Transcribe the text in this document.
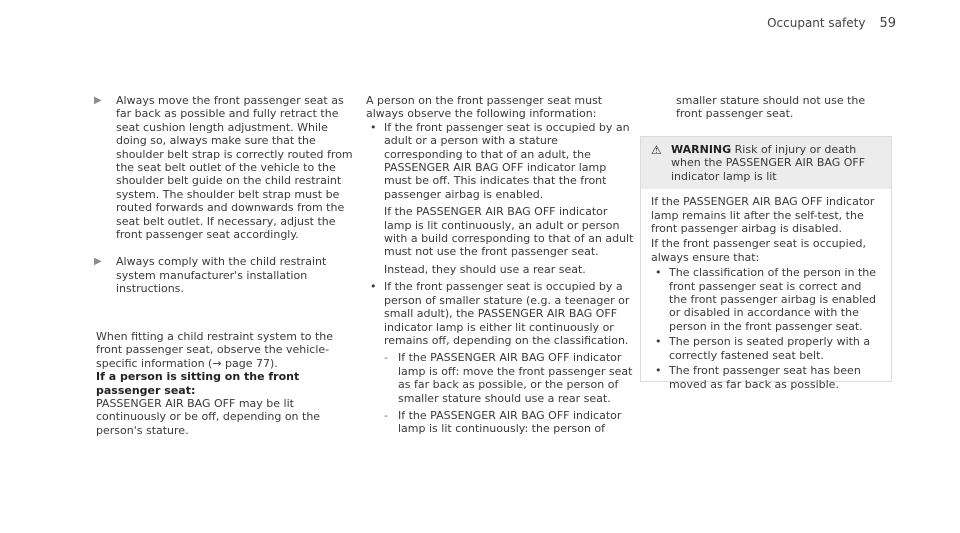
Occupant safety 59
▶	Always move the front passenger seat as far back as possible and fully retract the seat cushion length adjustment. While doing so, always make sure that the shoulder belt strap is correctly routed from the seat belt outlet of the vehicle to the shoulder belt guide on the child restraint system. The shoulder belt strap must be routed forwards and downwards from the seat belt outlet. If necessary, adjust the front passenger seat accordingly.

▶	Always comply with the child restraint system manufacturer's installation instructions.

When fitting a child restraint system to the front passenger seat, observe the vehicle-specific information (→ page 77).

If a person is sitting on the front passenger seat:

PASSENGER AIR BAG OFF may be lit continuously or be off, depending on the person's stature.

A person on the front passenger seat must always observe the following information:

• If the front passenger seat is occupied by an adult or a person with a stature corresponding to that of an adult, the PASSENGER AIR BAG OFF indicator lamp must be off. This indicates that the front passenger airbag is enabled.

If the PASSENGER AIR BAG OFF indicator lamp is lit continuously, an adult or person with a build corresponding to that of an adult must not use the front passenger seat.

Instead, they should use a rear seat.

• If the front passenger seat is occupied by a person of smaller stature (e.g. a teenager or small adult), the PASSENGER AIR BAG OFF indicator lamp is either lit continuously or remains off, depending on the classification.

- If the PASSENGER AIR BAG OFF indicator lamp is off: move the front passenger seat as far back as possible, or the person of smaller stature should use a rear seat.

- If the PASSENGER AIR BAG OFF indicator lamp is lit continuously: the person of

smaller stature should not use the front passenger seat.

⚠ WARNING Risk of injury or death when the PASSENGER AIR BAG OFF indicator lamp is lit

If the PASSENGER AIR BAG OFF indicator lamp remains lit after the self-test, the front passenger airbag is disabled.

If the front passenger seat is occupied, always ensure that:

• The classification of the person in the front passenger seat is correct and the front passenger airbag is enabled or disabled in accordance with the person in the front passenger seat.

• The person is seated properly with a correctly fastened seat belt.

• The front passenger seat has been moved as far back as possible.
